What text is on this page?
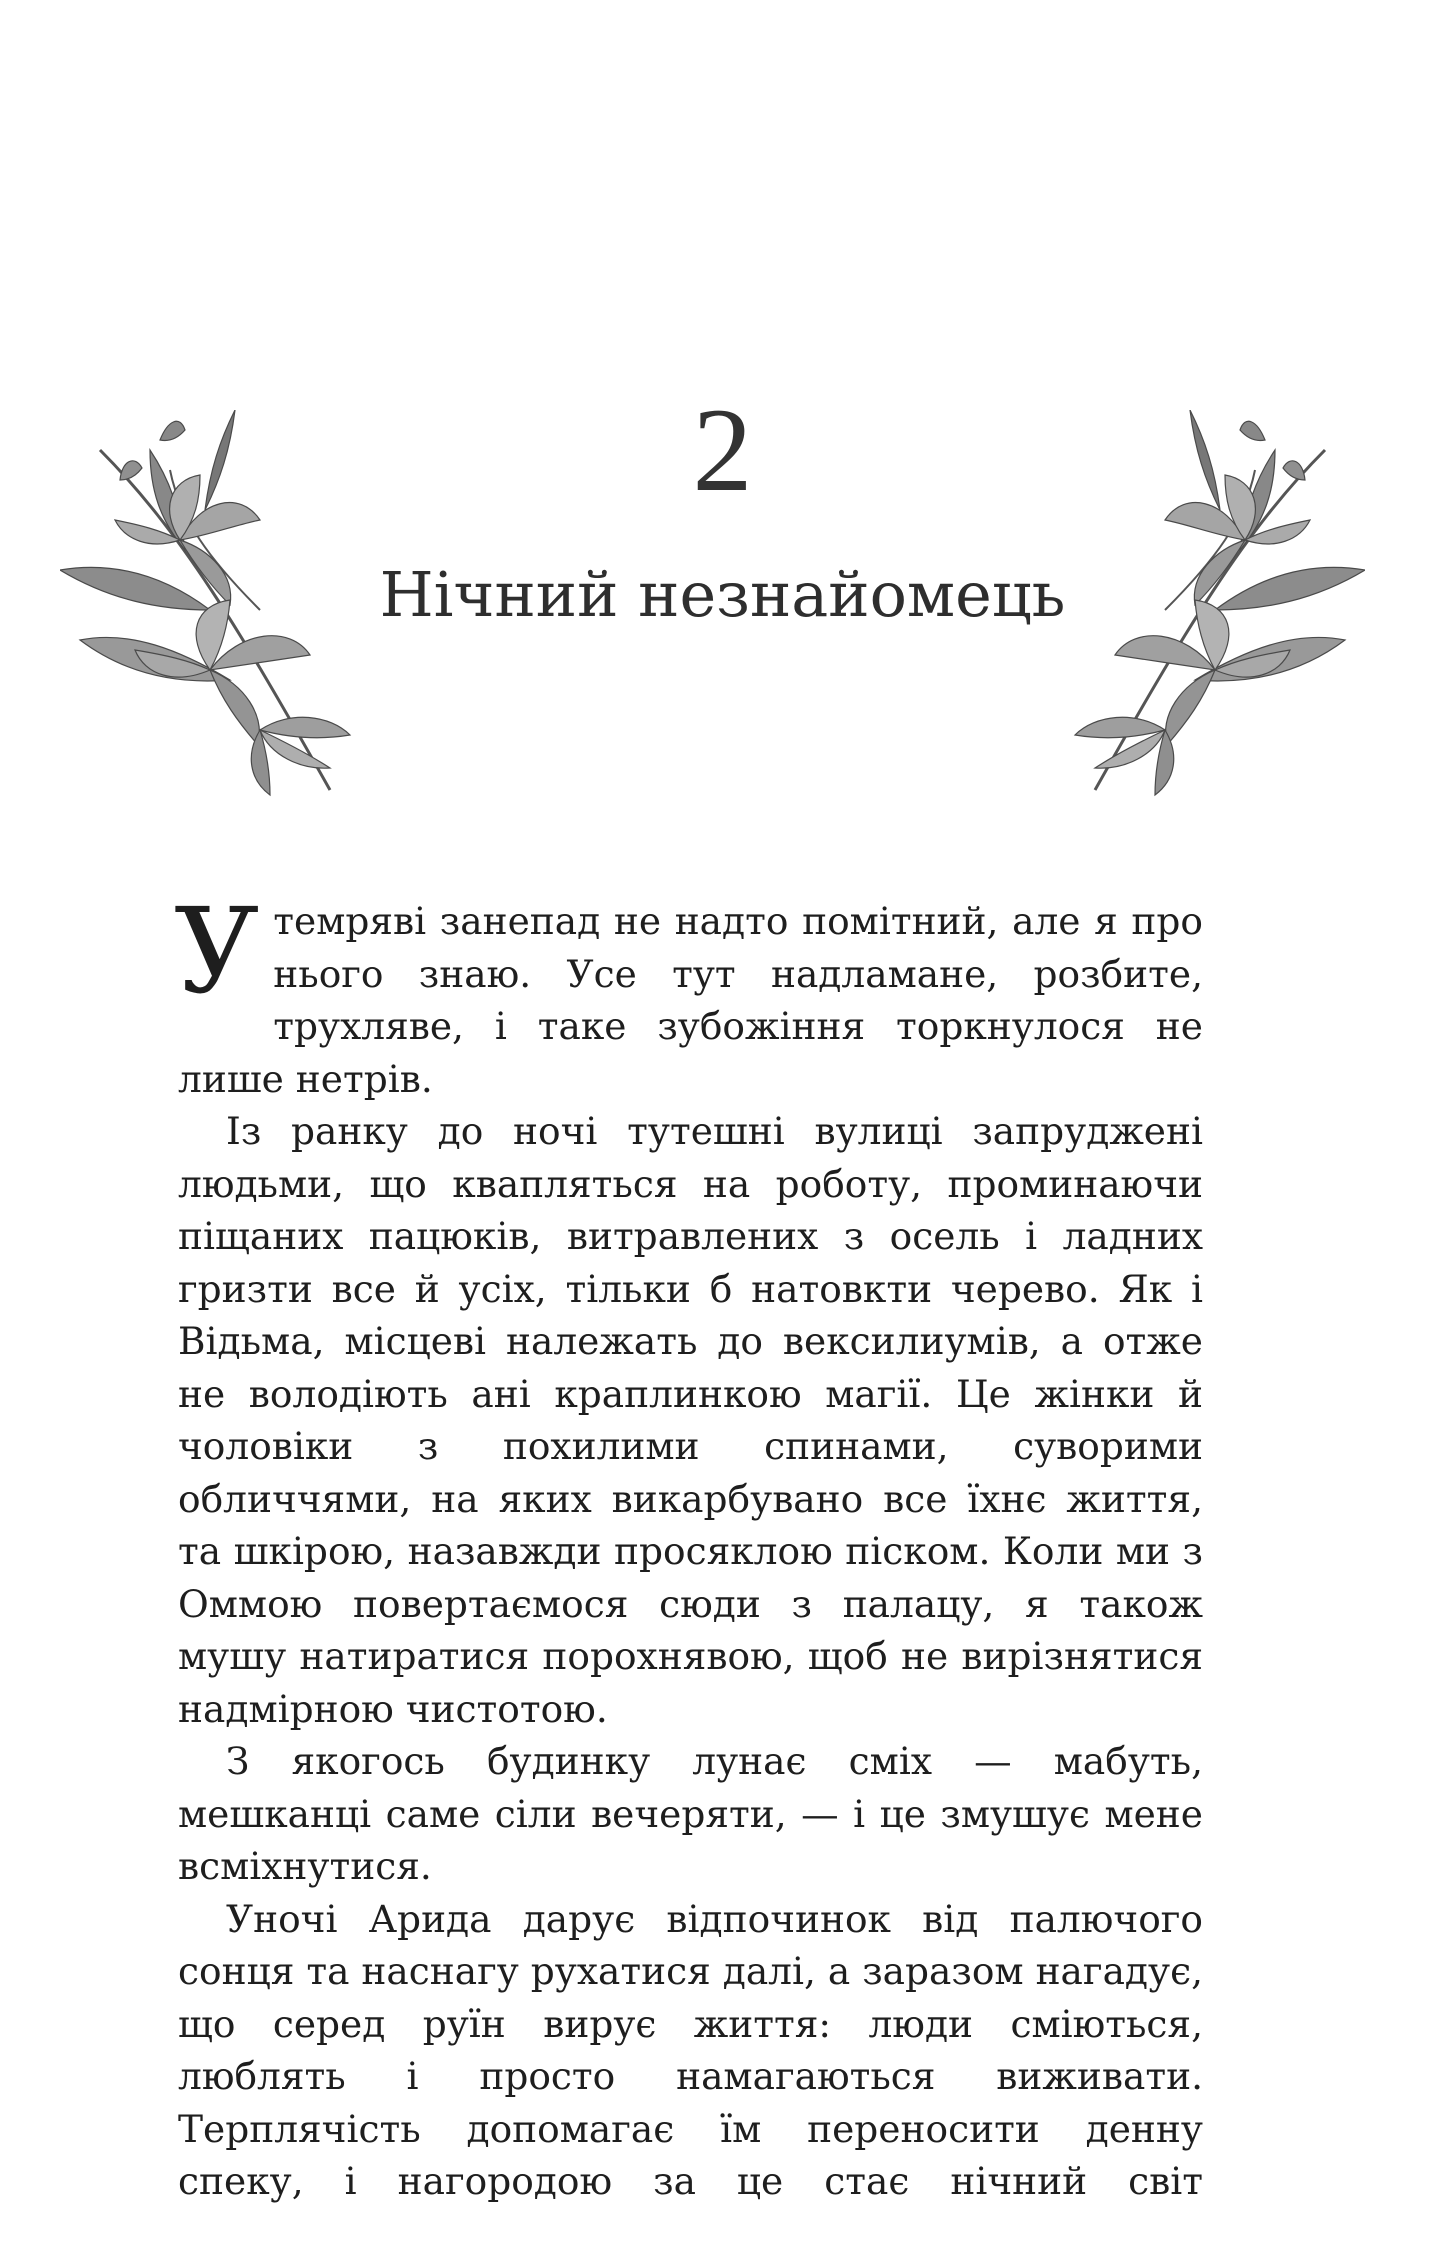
2
Нічний незнайомець

У темряві занепад не надто помітний, але я про нього знаю. Усе тут надламане, розбите, трухляве, і таке зубожіння торкнулося не лише нетрів.

Із ранку до ночі тутешні вулиці запруджені людьми, що кваплятьcя на роботу, проминаючи піщаних пацюків, витравлених з осель і ладних гризти все й усіх, тільки б натовкти черево. Як і Відьма, місцеві належать до вексилиумів, а отже не володіють ані краплинкою магії. Це жінки й чоловіки з похилими спинами, суворими обличчями, на яких викарбувано все їхнє життя, та шкірою, назавжди просяклою піском. Коли ми з Оммою повертаємося сюди з палацу, я також мушу натиратися порохнявою, щоб не вирізнятися надмірною чистотою.

З якогось будинку лунає сміх — мабуть, мешканці саме сіли вечеряти, — і це змушує мене всміхнутися.

Уночі Арида дарує відпочинок від палючого сонця та наснагу рухатися далі, а заразом нагадує, що серед руїн вирує життя: люди сміються, люблять і просто намагаються виживати. Терплячість допомагає їм переносити денну спеку, і нагородою за це стає нічний світ
